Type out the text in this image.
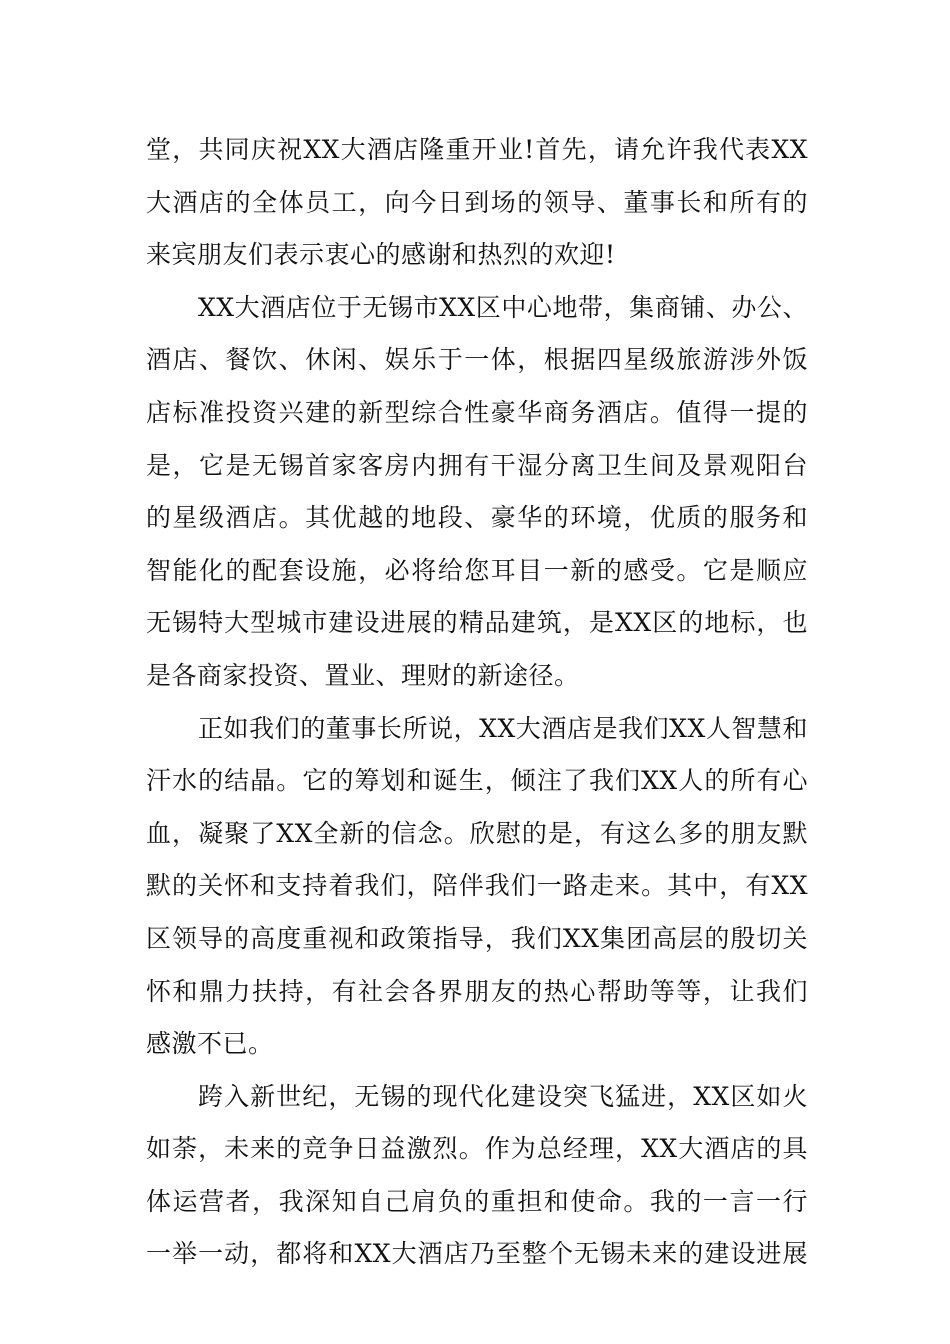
堂，共同庆祝XX大酒店隆重开业!首先，请允许我代表XX
大酒店的全体员工，向今日到场的领导、董事长和所有的
来宾朋友们表示衷心的感谢和热烈的欢迎!
XX大酒店位于无锡市XX区中心地带，集商铺、办公、
酒店、餐饮、休闲、娱乐于一体，根据四星级旅游涉外饭
店标准投资兴建的新型综合性豪华商务酒店。值得一提的
是，它是无锡首家客房内拥有干湿分离卫生间及景观阳台
的星级酒店。其优越的地段、豪华的环境，优质的服务和
智能化的配套设施，必将给您耳目一新的感受。它是顺应
无锡特大型城市建设进展的精品建筑，是XX区的地标，也
是各商家投资、置业、理财的新途径。
正如我们的董事长所说，XX大酒店是我们XX人智慧和
汗水的结晶。它的筹划和诞生，倾注了我们XX人的所有心
血，凝聚了XX全新的信念。欣慰的是，有这么多的朋友默
默的关怀和支持着我们，陪伴我们一路走来。其中，有XX
区领导的高度重视和政策指导，我们XX集团高层的殷切关
怀和鼎力扶持，有社会各界朋友的热心帮助等等，让我们
感激不已。
跨入新世纪，无锡的现代化建设突飞猛进，XX区如火
如荼，未来的竞争日益激烈。作为总经理，XX大酒店的具
体运营者，我深知自己肩负的重担和使命。我的一言一行
一举一动，都将和XX大酒店乃至整个无锡未来的建设进展
